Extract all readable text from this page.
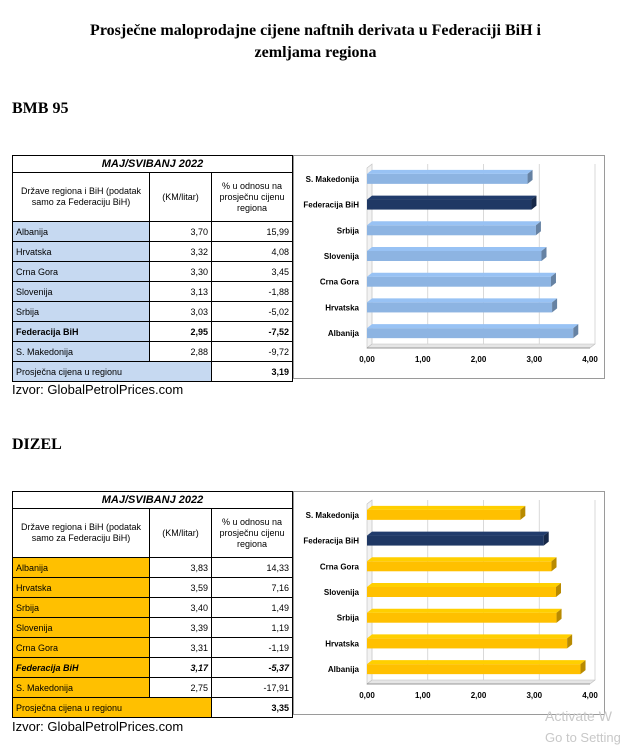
Prosječne maloprodajne cijene naftnih derivata u Federaciji BiH i
zemljama regiona
BMB 95
MAJ/SVIBANJ 2022		
Države regiona i BiH (podatak samo za Federaciju BiH)	(KM/litar)	% u odnosu na prosječnu cijenu regiona
Albanija	3,70	15,99
Hrvatska	3,32	4,08
Crna Gora	3,30	3,45
Slovenija	3,13	-1,88
Srbija	3,03	-5,02
Federacija BiH	2,95	-7,52
S. Makedonija	2,88	-9,72
Prosječna cijena u regionu		3,19
0,00	1,00	2,00	3,00	4,00
S. Makedonija
Federacija BiH
Srbija
Slovenija
Crna Gora
Hrvatska
Albanija
Izvor: GlobalPetrolPrices.com
DIZEL
MAJ/SVIBANJ 2022		
Države regiona i BiH (podatak samo za Federaciju BiH)	(KM/litar)	% u odnosu na prosječnu cijenu regiona
Albanija	3,83	14,33
Hrvatska	3,59	7,16
Srbija	3,40	1,49
Slovenija	3,39	1,19
Crna Gora	3,31	-1,19
Federacija BiH	3,17	-5,37
S. Makedonija	2,75	-17,91
Prosječna cijena u regionu		3,35
0,00	1,00	2,00	3,00	4,00
S. Makedonija
Federacija BiH
Crna Gora
Slovenija
Srbija
Hrvatska
Albanija
Izvor: GlobalPetrolPrices.com
Activate W
Go to Setting
